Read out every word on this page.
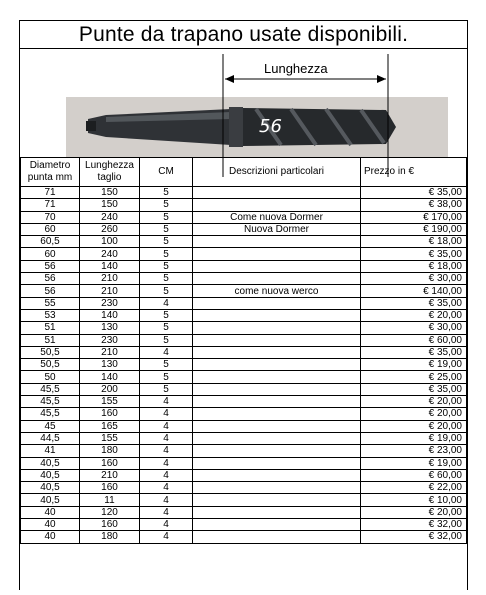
Punte da trapano usate disponibili.
Lunghezza
56
Diametro punta mm	Lunghezza taglio	CM	Descrizioni particolari	Prezzo in €
71	150	5		€ 35,00
71	150	5		€ 38,00
70	240	5	Come nuova Dormer	€ 170,00
60	260	5	Nuova Dormer	€ 190,00
60,5	100	5		€ 18,00
60	240	5		€ 35,00
56	140	5		€ 18,00
56	210	5		€ 30,00
56	210	5	come nuova werco	€ 140,00
55	230	4		€ 35,00
53	140	5		€ 20,00
51	130	5		€ 30,00
51	230	5		€ 60,00
50,5	210	4		€ 35,00
50,5	130	5		€ 19,00
50	140	5		€ 25,00
45,5	200	5		€ 35,00
45,5	155	4		€ 20,00
45,5	160	4		€ 20,00
45	165	4		€ 20,00
44,5	155	4		€ 19,00
41	180	4		€ 23,00
40,5	160	4		€ 19,00
40,5	210	4		€ 60,00
40,5	160	4		€ 22,00
40,5	11	4		€ 10,00
40	120	4		€ 20,00
40	160	4		€ 32,00
40	180	4		€ 32,00
